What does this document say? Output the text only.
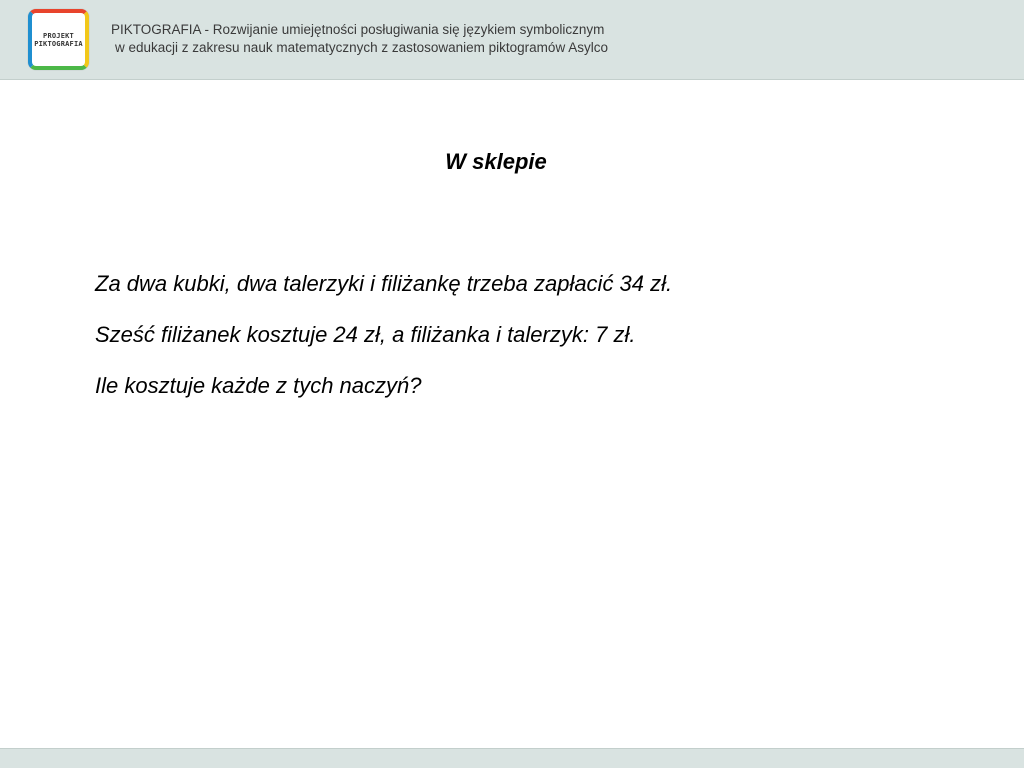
PROJEKT
PIKTOGRAFIA
PIKTOGRAFIA - Rozwijanie umiejętności posługiwania się językiem symbolicznym
w edukacji z zakresu nauk matematycznych z zastosowaniem piktogramów Asylco
W sklepie

Za dwa kubki, dwa talerzyki i filiżankę trzeba zapłacić 34 zł.

Sześć filiżanek kosztuje 24 zł, a filiżanka i talerzyk: 7 zł.

Ile kosztuje każde z tych naczyń?
